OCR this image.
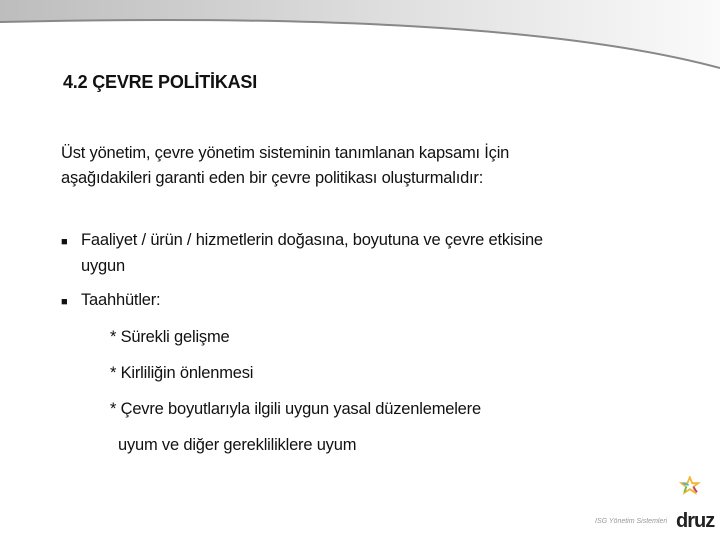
4.2 ÇEVRE POLİTİKASI
Üst yönetim, çevre yönetim sisteminin tanımlanan kapsamı İçin
aşağıdakileri garanti eden bir çevre politikası oluşturmalıdır:
■ Faaliyet / ürün / hizmetlerin doğasına, boyutuna ve çevre etkisine
uygun
■ Taahhütler:
* Sürekli gelişme
* Kirliliğin önlenmesi
* Çevre boyutlarıyla ilgili uygun yasal düzenlemelere
uyum ve diğer gerekliliklere uyum
ISG Yönetim Sistemleri druz
